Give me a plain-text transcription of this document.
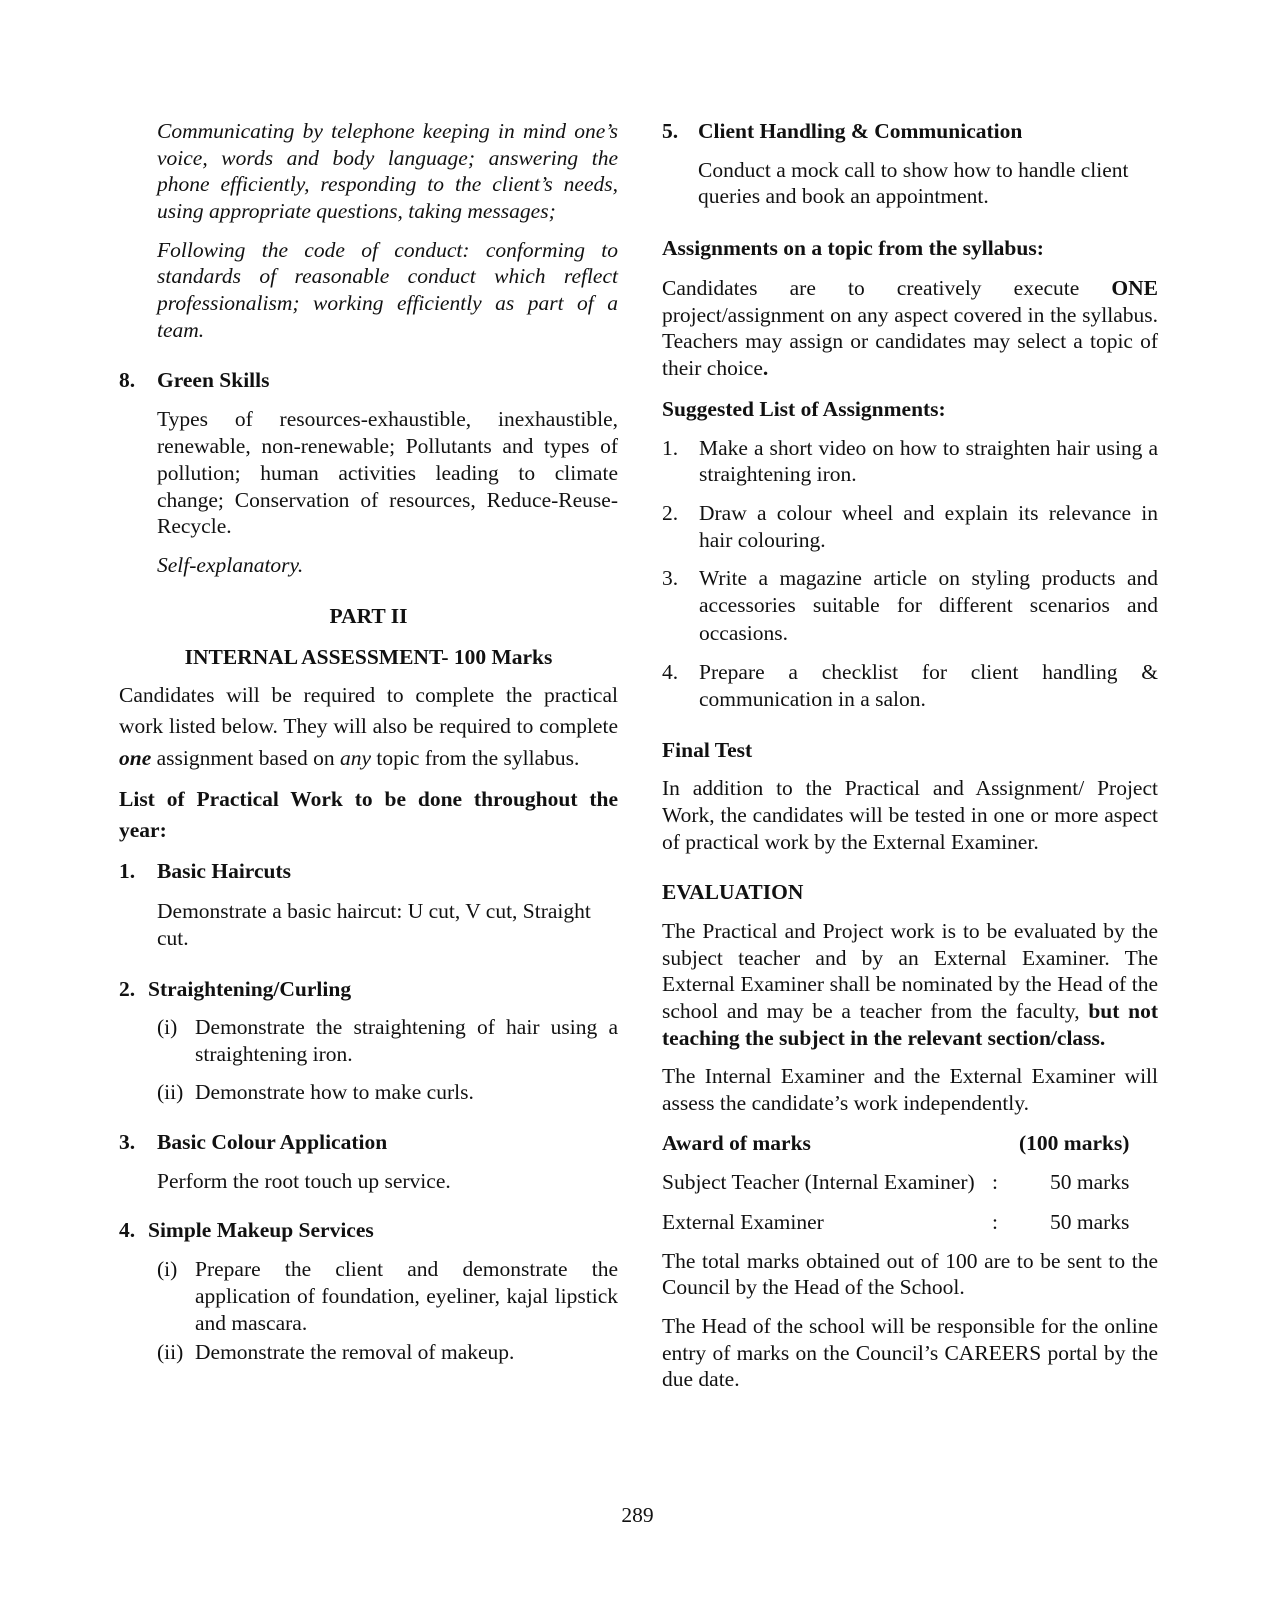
Communicating by telephone keeping in mind one’s voice, words and body language; answering the phone efficiently, responding to the client’s needs, using appropriate questions, taking messages;

Following the code of conduct: conforming to standards of reasonable conduct which reflect professionalism; working efficiently as part of a team.

8.	Green Skills

Types of resources-exhaustible, inexhaustible, renewable, non-renewable; Pollutants and types of pollution; human activities leading to climate change; Conservation of resources, Reduce-Reuse-Recycle.

Self-explanatory.

PART II

INTERNAL ASSESSMENT- 100 Marks

Candidates will be required to complete the practical work listed below. They will also be required to complete one assignment based on any topic from the syllabus.

List of Practical Work to be done throughout the year:

1.	Basic Haircuts

Demonstrate a basic haircut: U cut, V cut, Straight cut.

2. Straightening/Curling
(i) Demonstrate the straightening of hair using a straightening iron.
(ii) Demonstrate how to make curls.
3.	Basic Colour Application

Perform the root touch up service.

4. Simple Makeup Services
(i) Prepare the client and demonstrate the application of foundation, eyeliner, kajal lipstick and mascara.
(ii) Demonstrate the removal of makeup.
5. Client Handling & Communication

Conduct a mock call to show how to handle client queries and book an appointment.

Assignments on a topic from the syllabus:

Candidates are to creatively execute ONE project/assignment on any aspect covered in the syllabus. Teachers may assign or candidates may select a topic of their choice.

Suggested List of Assignments:

1. Make a short video on how to straighten hair using a straightening iron.
2. Draw a colour wheel and explain its relevance in hair colouring.
3. Write a magazine article on styling products and accessories suitable for different scenarios and occasions.
4. Prepare a checklist for client handling & communication in a salon.

Final Test

In addition to the Practical and Assignment/ Project Work, the candidates will be tested in one or more aspect of practical work by the External Examiner.

EVALUATION

The Practical and Project work is to be evaluated by the subject teacher and by an External Examiner. The External Examiner shall be nominated by the Head of the school and may be a teacher from the faculty, but not teaching the subject in the relevant section/class.

The Internal Examiner and the External Examiner will assess the candidate’s work independently.

Award of marks	(100 marks)
Subject Teacher (Internal Examiner) :	50 marks
External Examiner	:	50 marks

The total marks obtained out of 100 are to be sent to the Council by the Head of the School.

The Head of the school will be responsible for the online entry of marks on the Council’s CAREERS portal by the due date.

289
